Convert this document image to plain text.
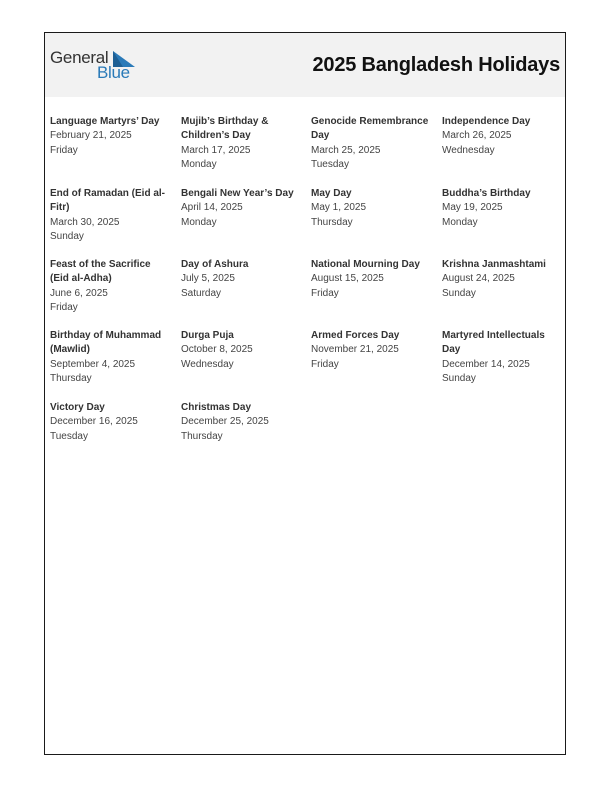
General
Blue	2025 Bangladesh Holidays
Language Martyrs’ Day
February 21, 2025
Friday
Mujib’s Birthday & Children’s Day
March 17, 2025
Monday
Genocide Remembrance Day
March 25, 2025
Tuesday
Independence Day
March 26, 2025
Wednesday
End of Ramadan (Eid al-Fitr)
March 30, 2025
Sunday
Bengali New Year’s Day
April 14, 2025
Monday
May Day
May 1, 2025
Thursday
Buddha’s Birthday
May 19, 2025
Monday
Feast of the Sacrifice (Eid al-Adha)
June 6, 2025
Friday
Day of Ashura
July 5, 2025
Saturday
National Mourning Day
August 15, 2025
Friday
Krishna Janmashtami
August 24, 2025
Sunday
Birthday of Muhammad (Mawlid)
September 4, 2025
Thursday
Durga Puja
October 8, 2025
Wednesday
Armed Forces Day
November 21, 2025
Friday
Martyred Intellectuals Day
December 14, 2025
Sunday
Victory Day
December 16, 2025
Tuesday
Christmas Day
December 25, 2025
Thursday
